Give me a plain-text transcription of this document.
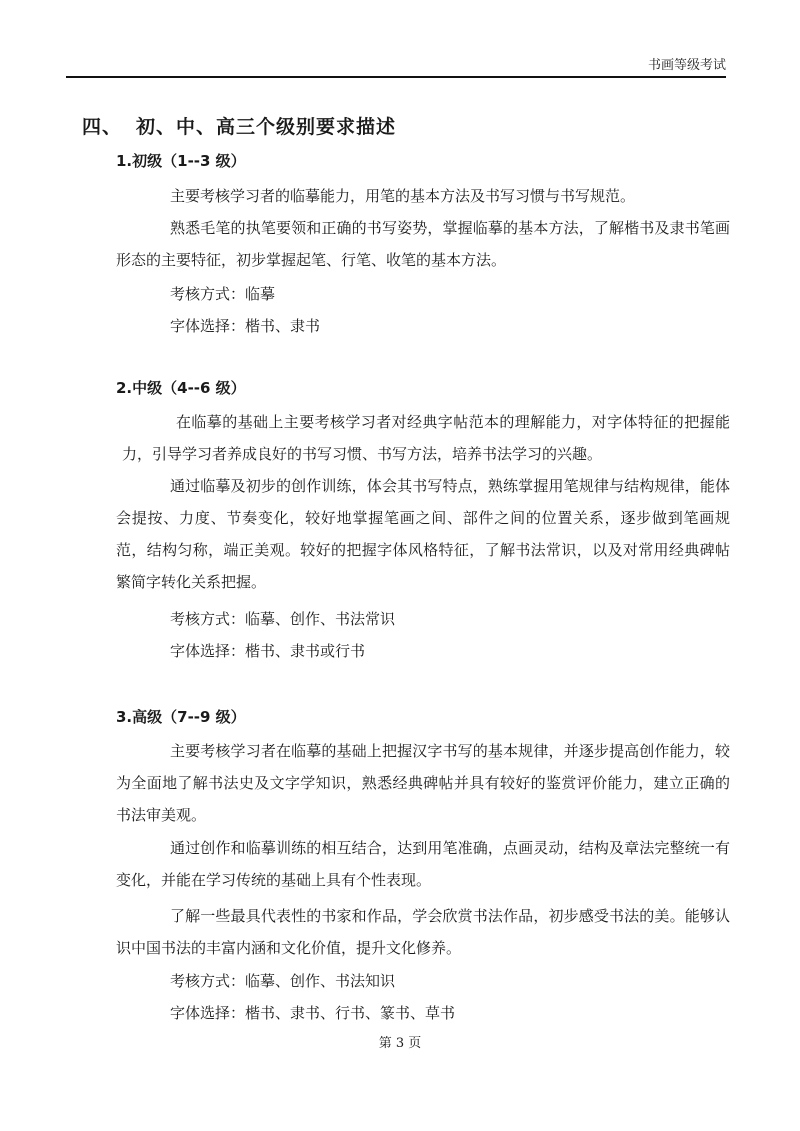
书画等级考试
四、 初、中、高三个级别要求描述
1.初级（1--3 级）
主要考核学习者的临摹能力，用笔的基本方法及书写习惯与书写规范。
熟悉毛笔的执笔要领和正确的书写姿势，掌握临摹的基本方法，了解楷书及隶书笔画形态的主要特征，初步掌握起笔、行笔、收笔的基本方法。
考核方式：临摹
字体选择：楷书、隶书
2.中级（4--6 级）
在临摹的基础上主要考核学习者对经典字帖范本的理解能力，对字体特征的把握能力，引导学习者养成良好的书写习惯、书写方法，培养书法学习的兴趣。
通过临摹及初步的创作训练，体会其书写特点，熟练掌握用笔规律与结构规律，能体会提按、力度、节奏变化，较好地掌握笔画之间、部件之间的位置关系，逐步做到笔画规范，结构匀称，端正美观。较好的把握字体风格特征，了解书法常识，以及对常用经典碑帖繁简字转化关系把握。
考核方式：临摹、创作、书法常识
字体选择：楷书、隶书或行书
3.高级（7--9 级）
主要考核学习者在临摹的基础上把握汉字书写的基本规律，并逐步提高创作能力，较为全面地了解书法史及文字学知识，熟悉经典碑帖并具有较好的鉴赏评价能力，建立正确的书法审美观。
通过创作和临摹训练的相互结合，达到用笔准确，点画灵动，结构及章法完整统一有变化，并能在学习传统的基础上具有个性表现。
了解一些最具代表性的书家和作品，学会欣赏书法作品，初步感受书法的美。能够认识中国书法的丰富内涵和文化价值，提升文化修养。
考核方式：临摹、创作、书法知识
字体选择：楷书、隶书、行书、篆书、草书
第 3 页
